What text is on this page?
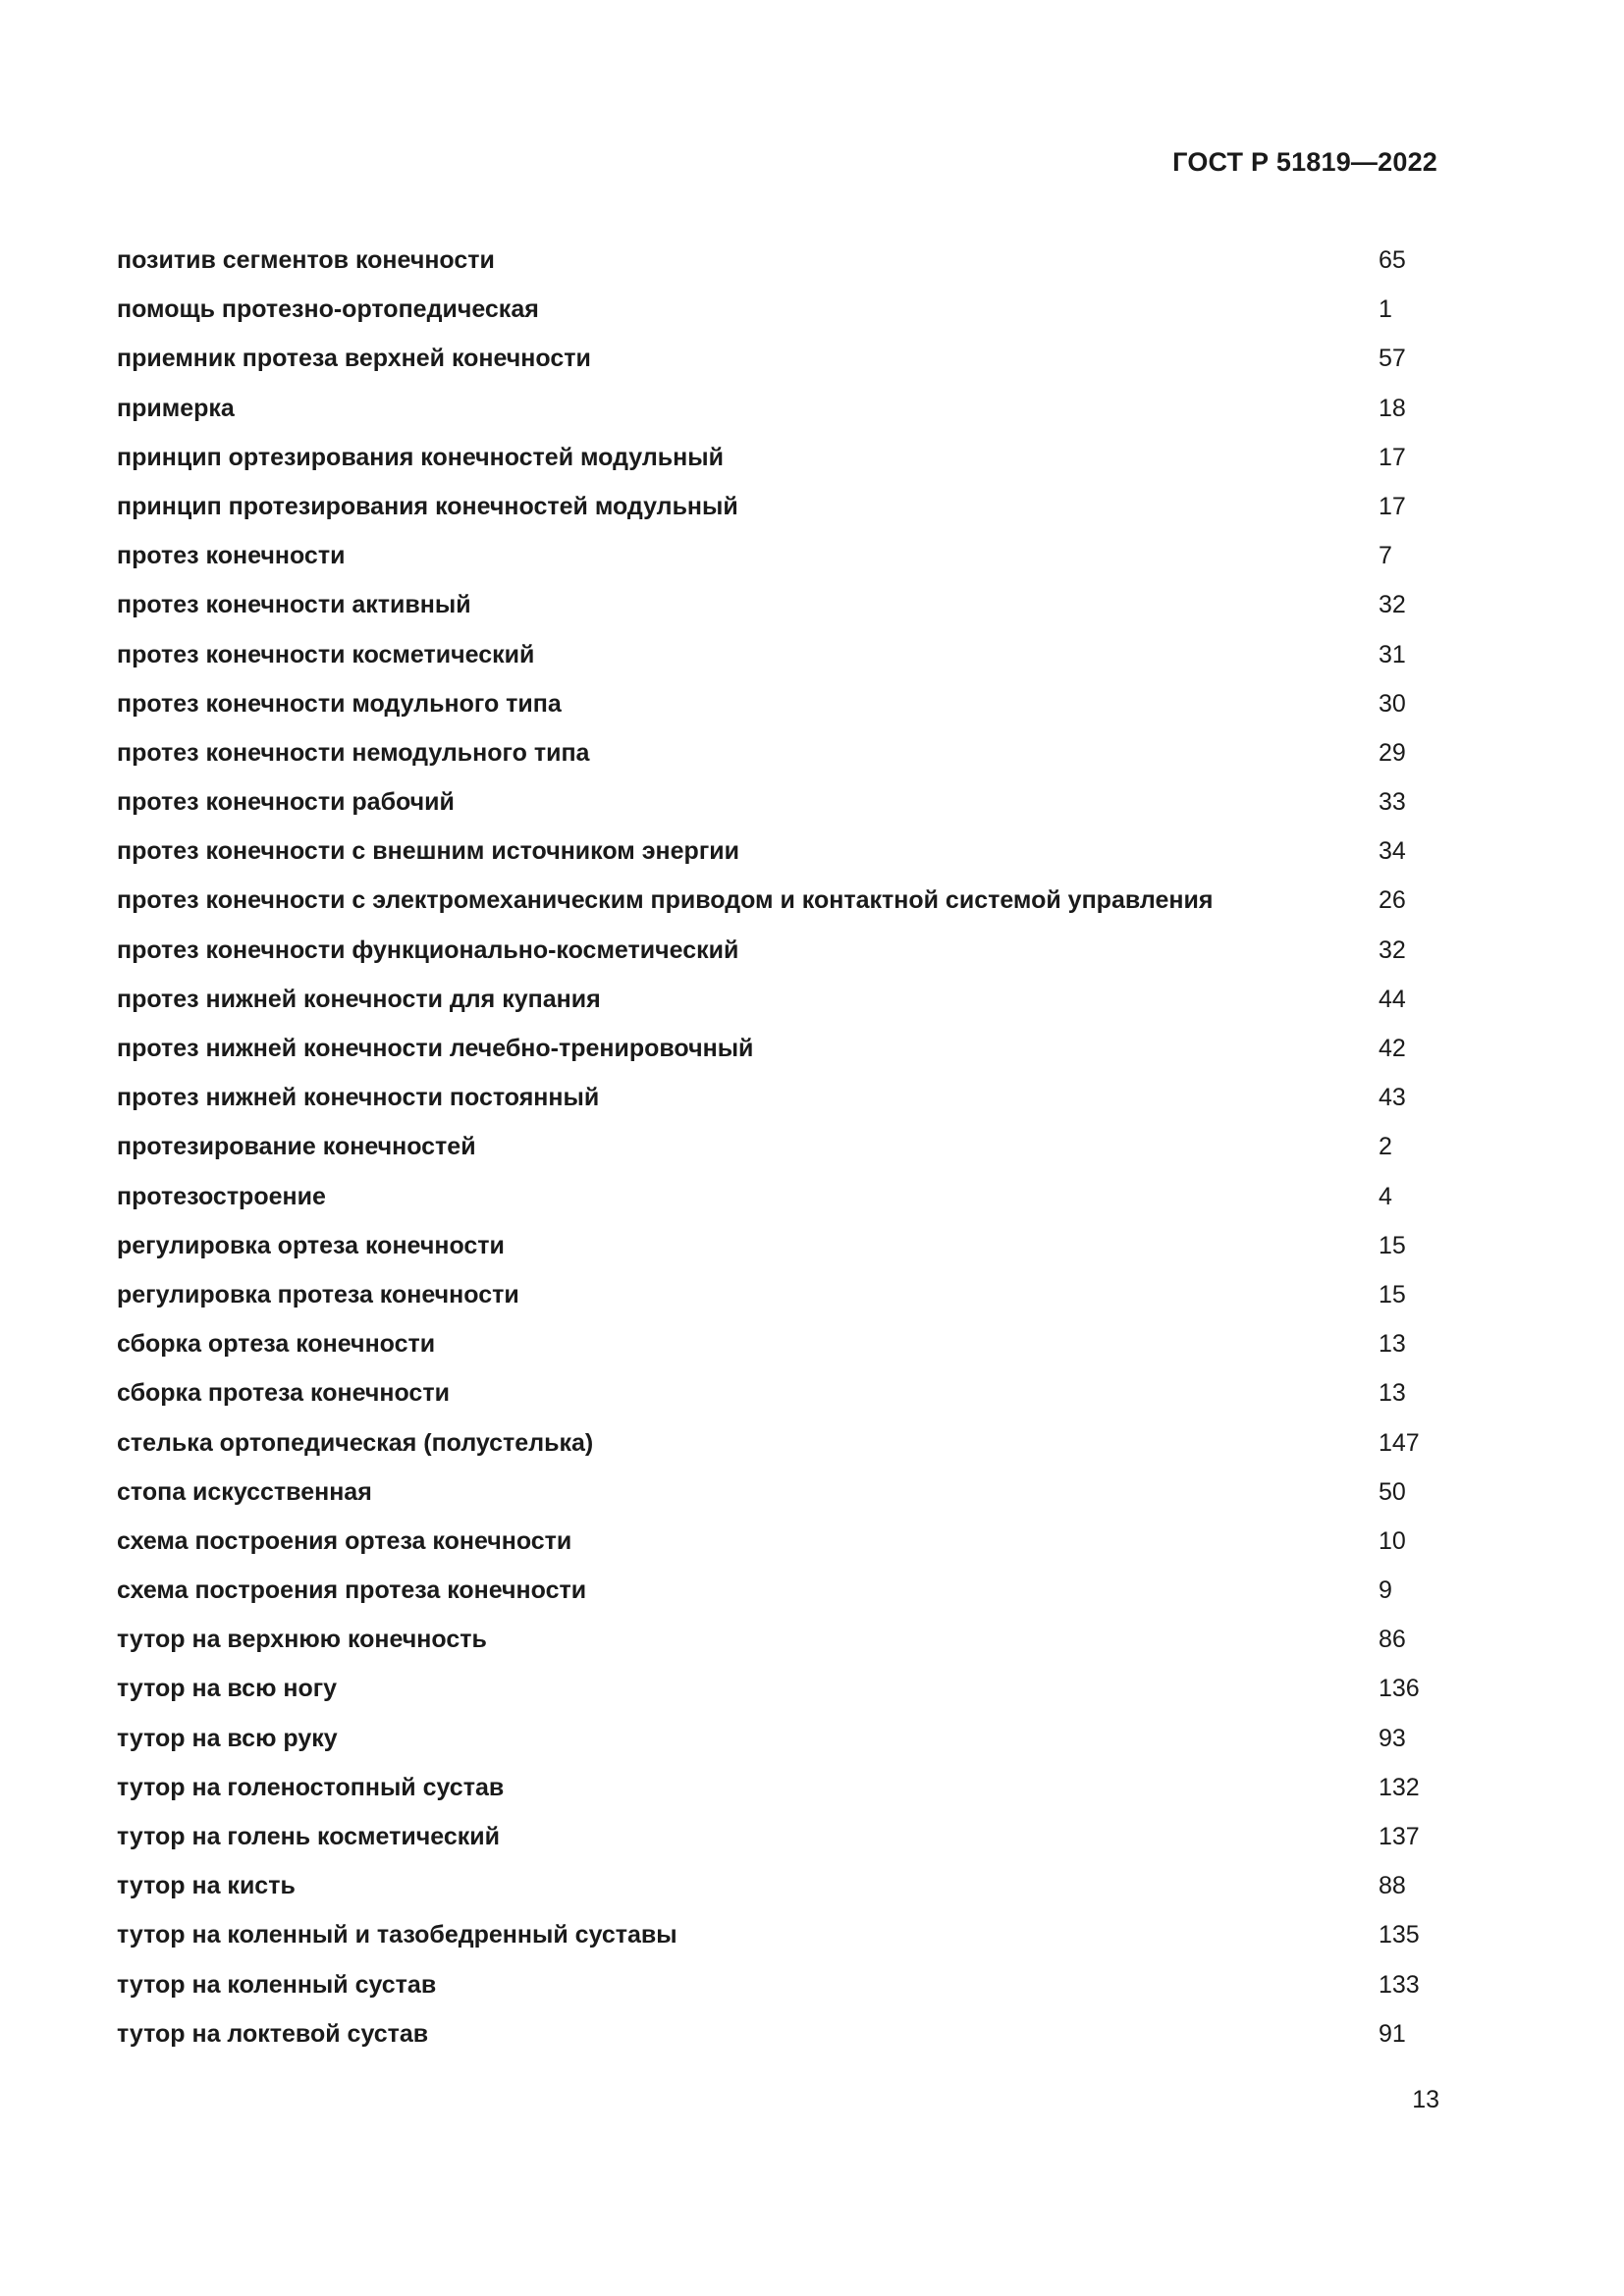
ГОСТ Р 51819—2022
позитив сегментов конечности	65
помощь протезно-ортопедическая	1
приемник протеза верхней конечности	57
примерка	18
принцип ортезирования конечностей модульный	17
принцип протезирования конечностей модульный	17
протез конечности	7
протез конечности активный	32
протез конечности косметический	31
протез конечности модульного типа	30
протез конечности немодульного типа	29
протез конечности рабочий	33
протез конечности с внешним источником энергии	34
протез конечности с электромеханическим приводом и контактной системой управления	26
протез конечности функционально-косметический	32
протез нижней конечности для купания	44
протез нижней конечности лечебно-тренировочный	42
протез нижней конечности постоянный	43
протезирование конечностей	2
протезостроение	4
регулировка ортеза конечности	15
регулировка протеза конечности	15
сборка ортеза конечности	13
сборка протеза конечности	13
стелька ортопедическая (полустелька)	147
стопа искусственная	50
схема построения ортеза конечности	10
схема построения протеза конечности	9
тутор на верхнюю конечность	86
тутор на всю ногу	136
тутор на всю руку	93
тутор на голеностопный сустав	132
тутор на голень косметический	137
тутор на кисть	88
тутор на коленный и тазобедренный суставы	135
тутор на коленный сустав	133
тутор на локтевой сустав	91
13
